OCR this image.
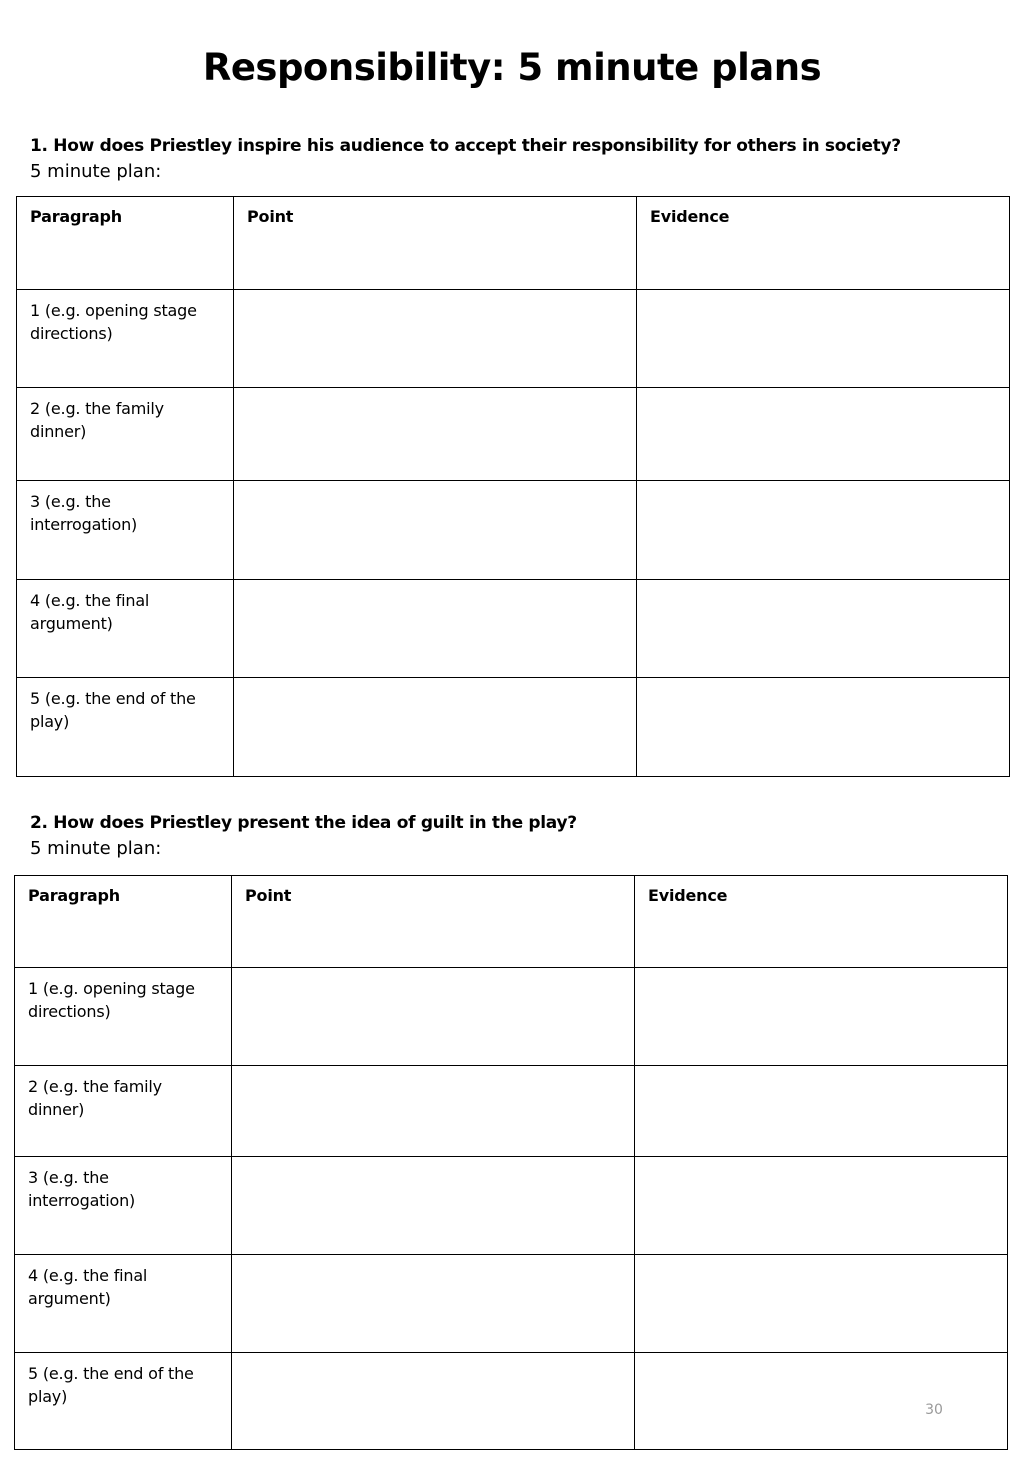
Responsibility: 5 minute plans
1. How does Priestley inspire his audience to accept their responsibility for others in society?
5 minute plan:
Paragraph	Point	Evidence
1 (e.g. opening stage directions)		
2 (e.g. the family dinner)		
3 (e.g. the interrogation)		
4 (e.g. the final argument)		
5 (e.g. the end of the play)		
2. How does Priestley present the idea of guilt in the play?
5 minute plan:
Paragraph	Point	Evidence
1 (e.g. opening stage directions)		
2 (e.g. the family dinner)		
3 (e.g. the interrogation)		
4 (e.g. the final argument)		
5 (e.g. the end of the play)		
30
